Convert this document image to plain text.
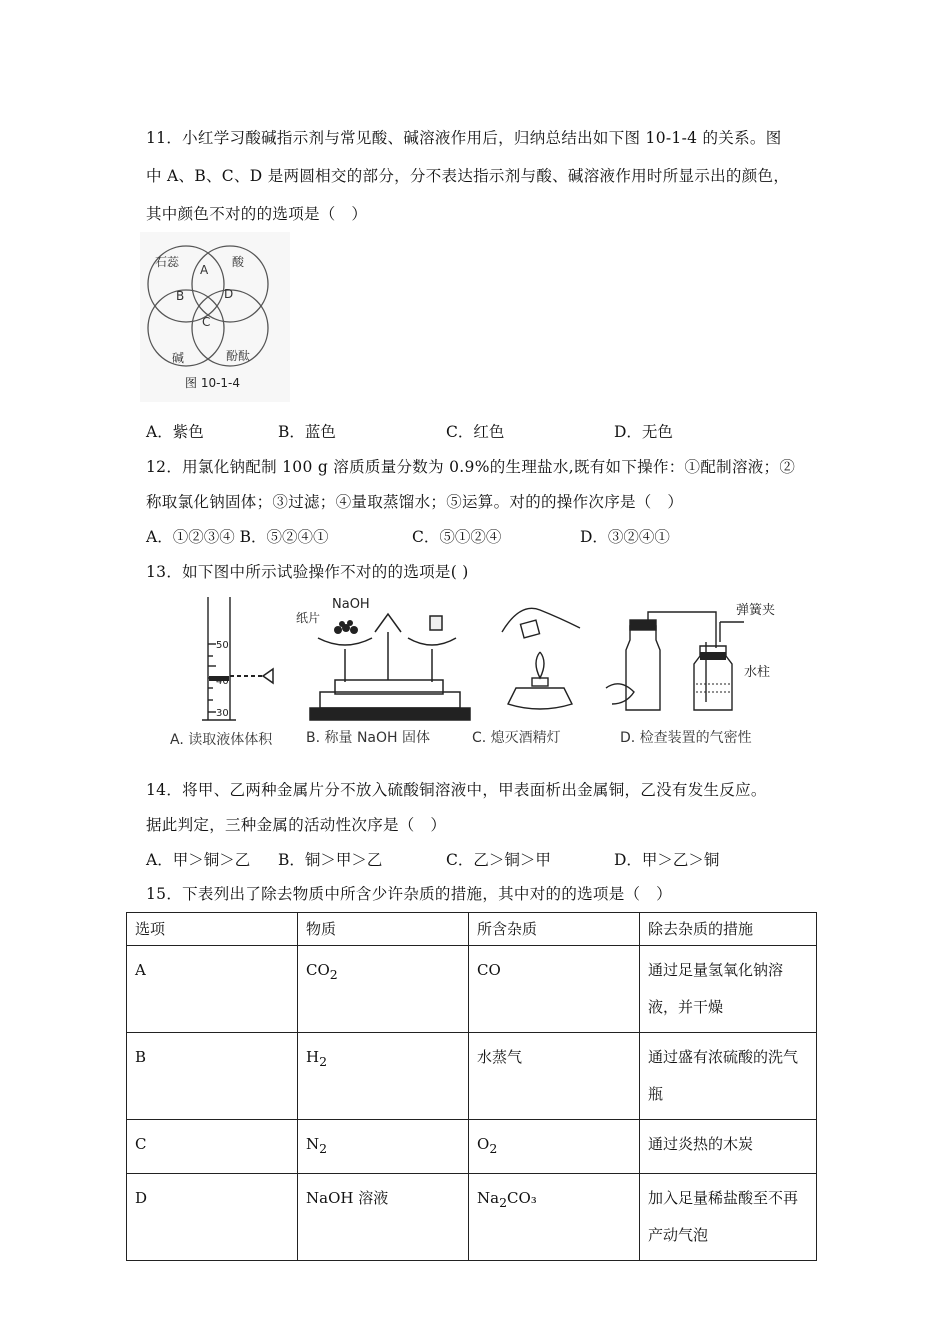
11．小红学习酸碱指示剂与常见酸、碱溶液作用后，归纳总结出如下图 10-1-4 的关系。图
中 A、B、C、D 是两圆相交的部分，分不表达指示剂与酸、碱溶液作用时所显示出的颜色，
其中颜色不对的的选项是（　）
石蕊	酸
碱	酚酞
A
B	D
C
图 10-1-4
A．紫色	B．蓝色	C．红色	D．无色
12．用氯化钠配制 100 g 溶质质量分数为 0.9%的生理盐水,既有如下操作：①配制溶液；②
称取氯化钠固体；③过滤；④量取蒸馏水；⑤运算。对的的操作次序是（　）
A．①②③④ B．⑤②④①	C．⑤①②④	D．③②④①
13．如下图中所示试验操作不对的的选项是( )
50
40
30
A. 读取液体体积
NaOH
纸片
B. 称量 NaOH 固体	C. 熄灭酒精灯
弹簧夹
水柱
D. 检查装置的气密性
14．将甲、乙两种金属片分不放入硫酸铜溶液中，甲表面析出金属铜，乙没有发生反应。
据此判定，三种金属的活动性次序是（　）
A．甲＞铜＞乙 B．铜＞甲＞乙	C．乙＞铜＞甲	D．甲＞乙＞铜
15．下表列出了除去物质中所含少许杂质的措施，其中对的的选项是（　）
选项	物质	所含杂质	除去杂质的措施
A	$CO_2$	CO	通过足量氢氧化钠溶液，并干燥
B	$H_2$	水蒸气	通过盛有浓硫酸的洗气瓶
C	$N_2$	$O_2$	通过炎热的木炭
D	NaOH 溶液	$Na_2CO_3$	加入足量稀盐酸至不再产动气泡
